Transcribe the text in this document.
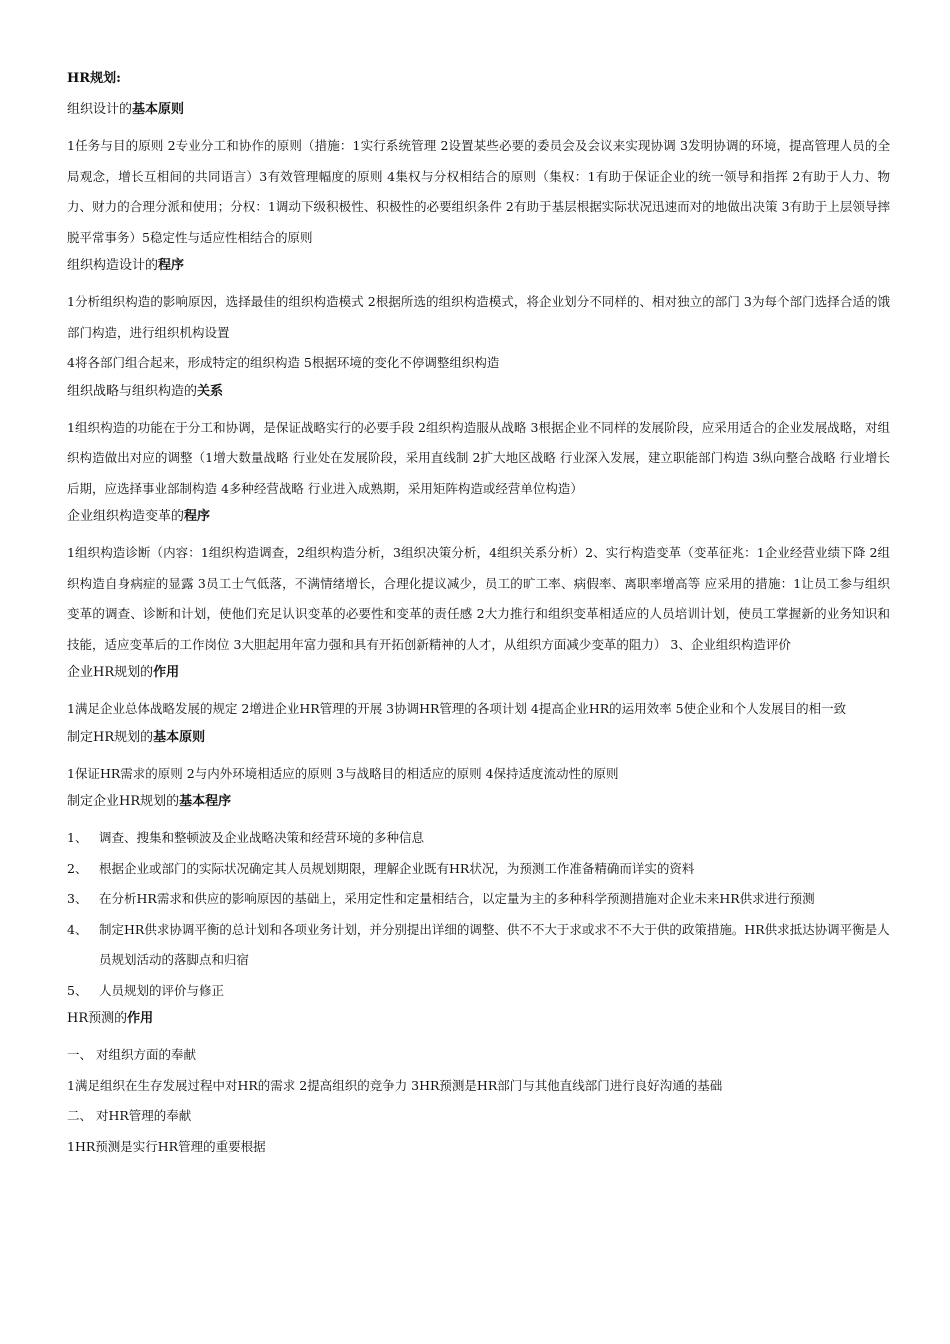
HR规划:
组织设计的基本原则
1任务与目的原则 2专业分工和协作的原则（措施：1实行系统管理 2设置某些必要的委员会及会议来实现协调 3发明协调的环境，提高管理人员的全局观念，增长互相间的共同语言）3有效管理幅度的原则 4集权与分权相结合的原则（集权：1有助于保证企业的统一领导和指挥 2有助于人力、物力、财力的合理分派和使用；分权：1调动下级积极性、积极性的必要组织条件 2有助于基层根据实际状况迅速而对的地做出决策 3有助于上层领导摔脱平常事务）5稳定性与适应性相结合的原则
组织构造设计的程序
1分析组织构造的影响原因，选择最佳的组织构造模式 2根据所选的组织构造模式，将企业划分不同样的、相对独立的部门 3为每个部门选择合适的饿部门构造，进行组织机构设置
4将各部门组合起来，形成特定的组织构造 5根据环境的变化不停调整组织构造
组织战略与组织构造的关系
1组织构造的功能在于分工和协调，是保证战略实行的必要手段 2组织构造服从战略 3根据企业不同样的发展阶段，应采用适合的企业发展战略，对组织构造做出对应的调整（1增大数量战略 行业处在发展阶段，采用直线制 2扩大地区战略 行业深入发展，建立职能部门构造 3纵向整合战略 行业增长后期，应选择事业部制构造 4多种经营战略 行业进入成熟期，采用矩阵构造或经营单位构造）
企业组织构造变革的程序
1组织构造诊断（内容：1组织构造调查，2组织构造分析，3组织决策分析，4组织关系分析）2、实行构造变革（变革征兆：1企业经营业绩下降 2组织构造自身病症的显露 3员工士气低落，不满情绪增长，合理化提议减少，员工的旷工率、病假率、离职率增高等 应采用的措施：1让员工参与组织变革的调查、诊断和计划，使他们充足认识变革的必要性和变革的责任感 2大力推行和组织变革相适应的人员培训计划，使员工掌握新的业务知识和技能，适应变革后的工作岗位 3大胆起用年富力强和具有开拓创新精神的人才，从组织方面减少变革的阻力） 3、企业组织构造评价
企业HR规划的作用
1满足企业总体战略发展的规定 2增进企业HR管理的开展 3协调HR管理的各项计划 4提高企业HR的运用效率 5使企业和个人发展目的相一致
制定HR规划的基本原则
1保证HR需求的原则 2与内外环境相适应的原则 3与战略目的相适应的原则 4保持适度流动性的原则
制定企业HR规划的基本程序
1、 调查、搜集和整顿波及企业战略决策和经营环境的多种信息
2、 根据企业或部门的实际状况确定其人员规划期限，理解企业既有HR状况，为预测工作准备精确而详实的资料
3、 在分析HR需求和供应的影响原因的基础上，采用定性和定量相结合，以定量为主的多种科学预测措施对企业未来HR供求进行预测
4、 制定HR供求协调平衡的总计划和各项业务计划，并分别提出详细的调整、供不不大于求或求不不大于供的政策措施。HR供求抵达协调平衡是人员规划活动的落脚点和归宿
5、 人员规划的评价与修正
HR预测的作用
一、 对组织方面的奉献
1满足组织在生存发展过程中对HR的需求 2提高组织的竞争力 3HR预测是HR部门与其他直线部门进行良好沟通的基础
二、 对HR管理的奉献
1HR预测是实行HR管理的重要根据
